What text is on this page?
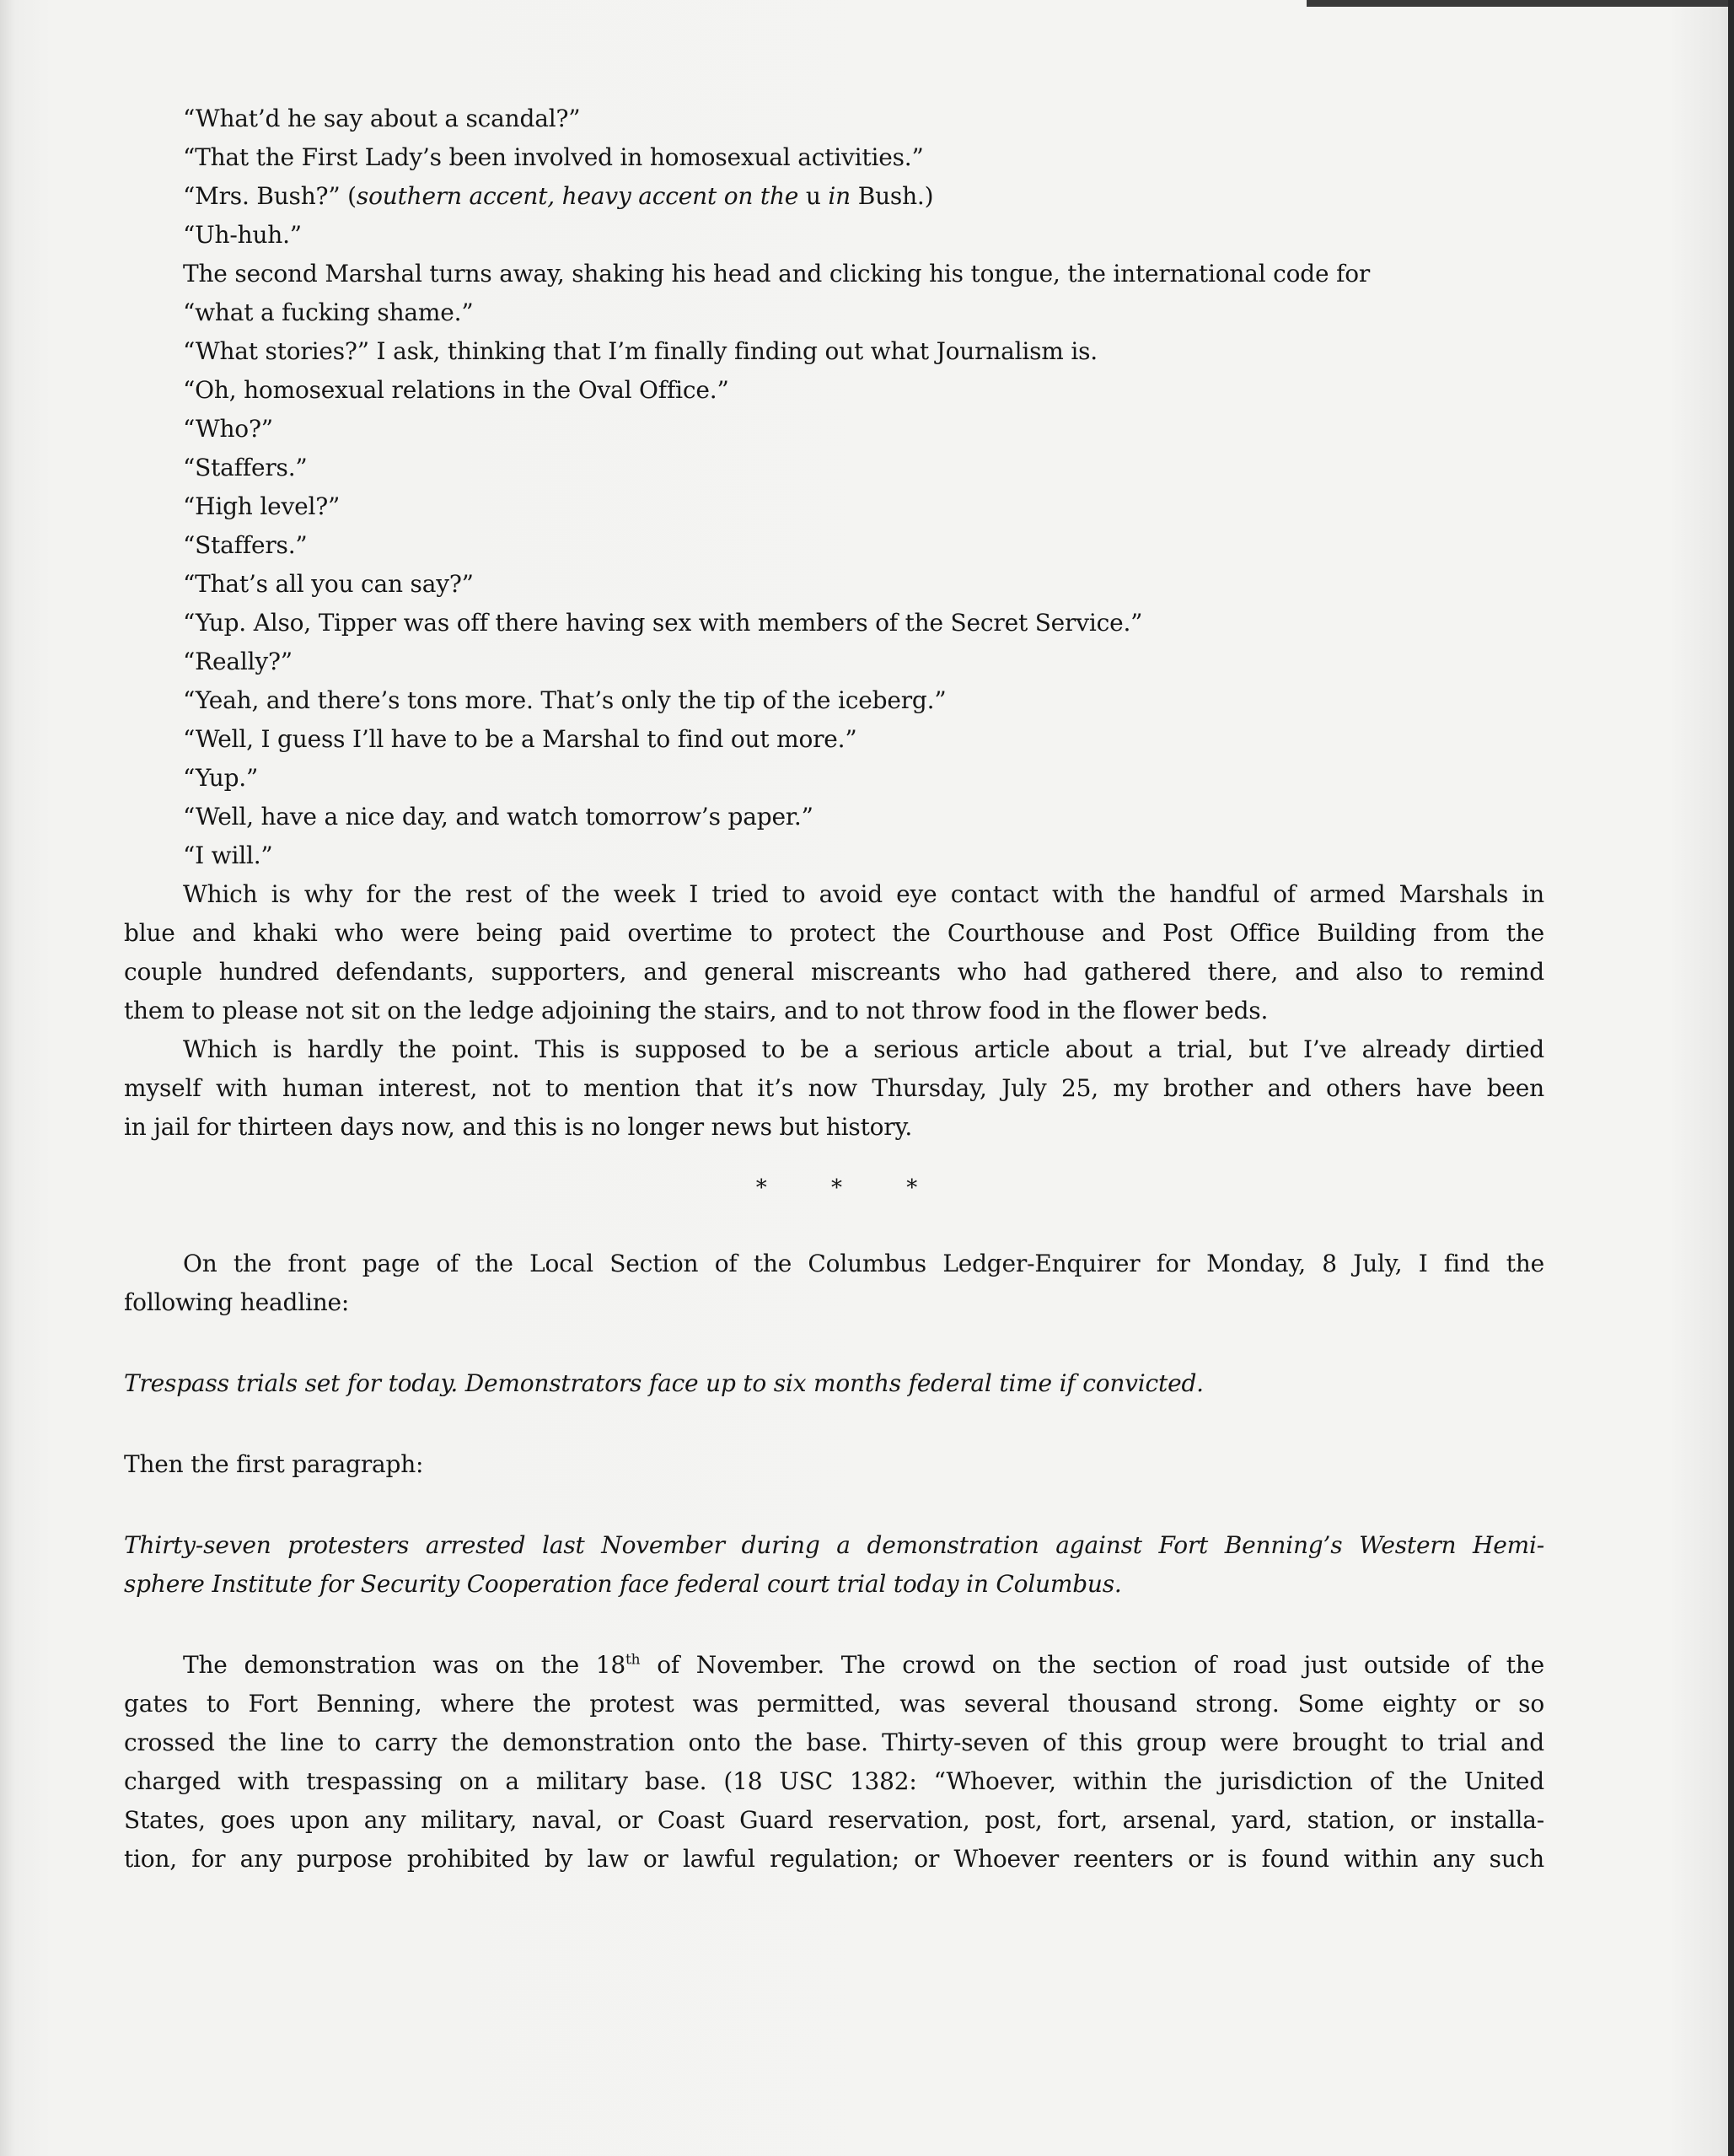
“What’d he say about a scandal?”

“That the First Lady’s been involved in homosexual activities.”

“Mrs. Bush?” (southern accent, heavy accent on the u in Bush.)

“Uh-huh.”

The second Marshal turns away, shaking his head and clicking his tongue, the international code for

“what a fucking shame.”

“What stories?” I ask, thinking that I’m finally finding out what Journalism is.

“Oh, homosexual relations in the Oval Office.”

“Who?”

“Staffers.”

“High level?”

“Staffers.”

“That’s all you can say?”

“Yup. Also, Tipper was off there having sex with members of the Secret Service.”

“Really?”

“Yeah, and there’s tons more. That’s only the tip of the iceberg.”

“Well, I guess I’ll have to be a Marshal to find out more.”

“Yup.”

“Well, have a nice day, and watch tomorrow’s paper.”

“I will.”

Which is why for the rest of the week I tried to avoid eye contact with the handful of armed Marshals in

blue and khaki who were being paid overtime to protect the Courthouse and Post Office Building from the

couple hundred defendants, supporters, and general miscreants who had gathered there, and also to remind

them to please not sit on the ledge adjoining the stairs, and to not throw food in the flower beds.

Which is hardly the point. This is supposed to be a serious article about a trial, but I’ve already dirtied

myself with human interest, not to mention that it’s now Thursday, July 25, my brother and others have been

in jail for thirteen days now, and this is no longer news but history.

* * *

On the front page of the Local Section of the Columbus Ledger-Enquirer for Monday, 8 July, I find the

following headline:

Trespass trials set for today. Demonstrators face up to six months federal time if convicted.

Then the first paragraph:

Thirty-seven protesters arrested last November during a demonstration against Fort Benning’s Western Hemi-

sphere Institute for Security Cooperation face federal court trial today in Columbus.

The demonstration was on the 18th of November. The crowd on the section of road just outside of the

gates to Fort Benning, where the protest was permitted, was several thousand strong. Some eighty or so

crossed the line to carry the demonstration onto the base. Thirty-seven of this group were brought to trial and

charged with trespassing on a military base. (18 USC 1382: “Whoever, within the jurisdiction of the United

States, goes upon any military, naval, or Coast Guard reservation, post, fort, arsenal, yard, station, or installa-

tion, for any purpose prohibited by law or lawful regulation; or Whoever reenters or is found within any such
